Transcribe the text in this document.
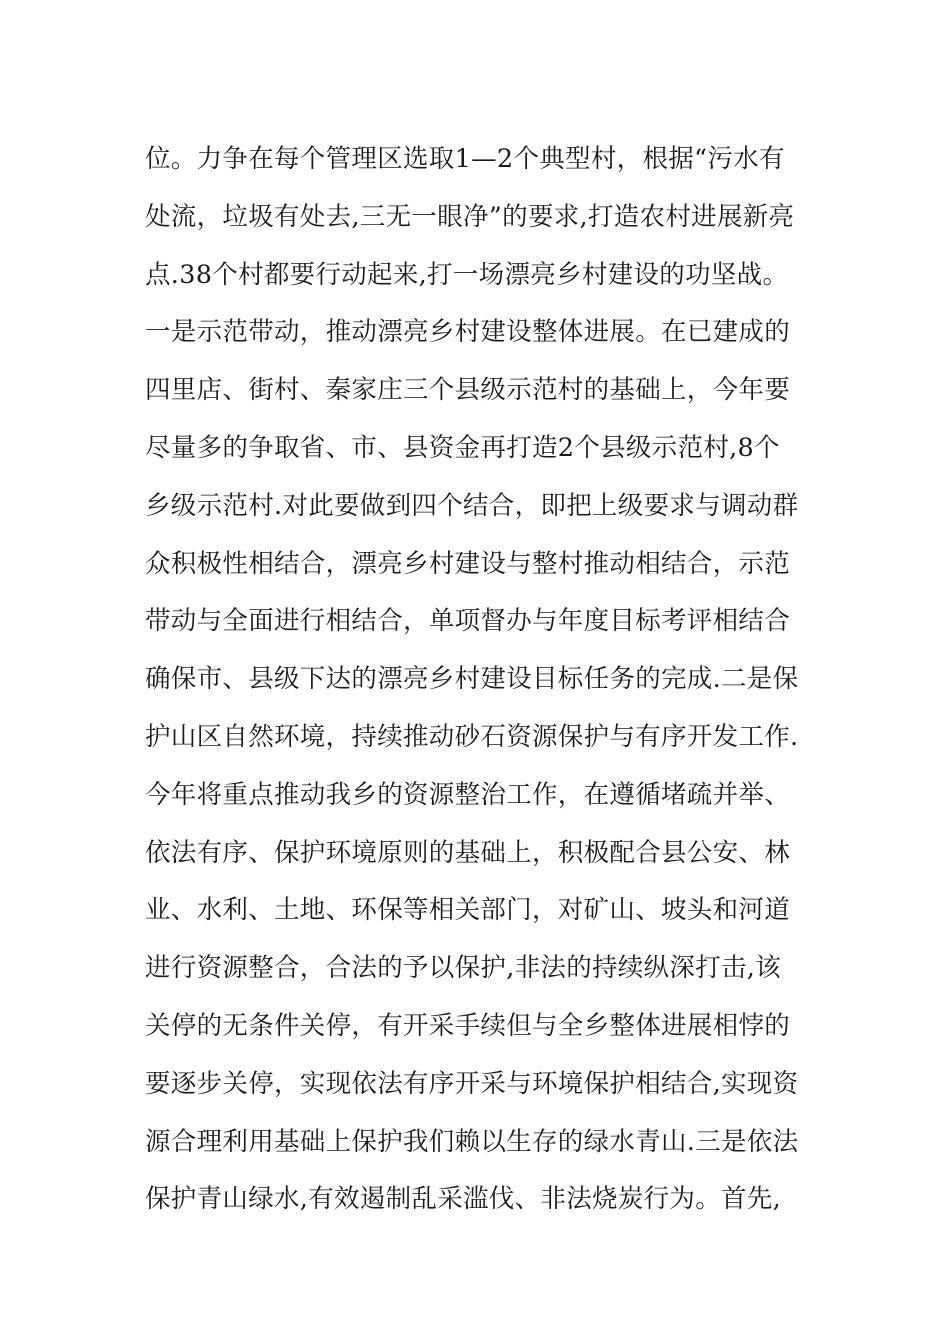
位。力争在每个管理区选取1—2个典型村，根据“污水有
处流，垃圾有处去,三无一眼净”的要求,打造农村进展新亮
点.38个村都要行动起来,打一场漂亮乡村建设的功坚战。
一是示范带动，推动漂亮乡村建设整体进展。在已建成的
四里店、街村、秦家庄三个县级示范村的基础上，今年要
尽量多的争取省、市、县资金再打造2个县级示范村,8个
乡级示范村.对此要做到四个结合，即把上级要求与调动群
众积极性相结合，漂亮乡村建设与整村推动相结合，示范
带动与全面进行相结合，单项督办与年度目标考评相结合
确保市、县级下达的漂亮乡村建设目标任务的完成.二是保
护山区自然环境，持续推动砂石资源保护与有序开发工作.
今年将重点推动我乡的资源整治工作，在遵循堵疏并举、
依法有序、保护环境原则的基础上，积极配合县公安、林
业、水利、土地、环保等相关部门，对矿山、坡头和河道
进行资源整合，合法的予以保护,非法的持续纵深打击,该
关停的无条件关停，有开采手续但与全乡整体进展相悖的
要逐步关停，实现依法有序开采与环境保护相结合,实现资
源合理利用基础上保护我们赖以生存的绿水青山.三是依法
保护青山绿水,有效遏制乱采滥伐、非法烧炭行为。首先,
